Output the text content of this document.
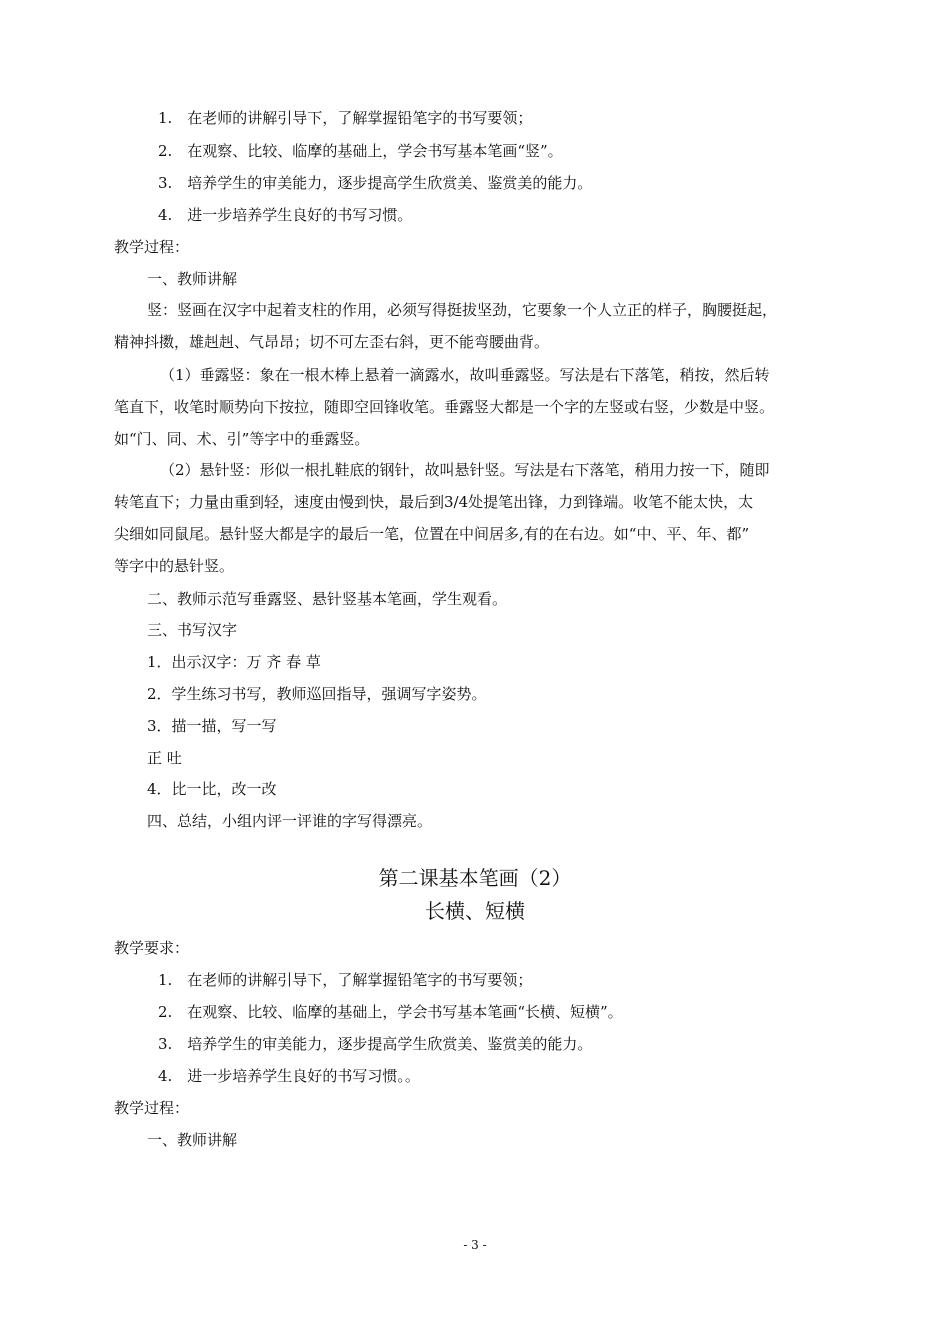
1.　在老师的讲解引导下，了解掌握铅笔字的书写要领；
2.　在观察、比较、临摩的基础上，学会书写基本笔画“竖”。
3.　培养学生的审美能力，逐步提高学生欣赏美、鉴赏美的能力。
4.　进一步培养学生良好的书写习惯。
教学过程：
一、教师讲解
竖：竖画在汉字中起着支柱的作用，必须写得挺拔坚劲，它要象一个人立正的样子，胸腰挺起，
精神抖擞，雄赳赳、气昂昂；切不可左歪右斜，更不能弯腰曲背。
（1）垂露竖：象在一根木棒上悬着一滴露水，故叫垂露竖。写法是右下落笔，稍按，然后转
笔直下，收笔时顺势向下按拉，随即空回锋收笔。垂露竖大都是一个字的左竖或右竖，少数是中竖。
如“门、同、术、引”等字中的垂露竖。
（2）悬针竖：形似一根扎鞋底的钢针，故叫悬针竖。写法是右下落笔，稍用力按一下，随即
转笔直下；力量由重到轻，速度由慢到快，最后到3/4处提笔出锋，力到锋端。收笔不能太快，太
尖细如同鼠尾。悬针竖大都是字的最后一笔，位置在中间居多,有的在右边。如“中、平、年、都”
等字中的悬针竖。
二、教师示范写垂露竖、悬针竖基本笔画，学生观看。
三、书写汉字
1．出示汉字：万 齐 春 草
2．学生练习书写，教师巡回指导，强调写字姿势。
3．描一描，写一写
正 吐
4．比一比，改一改
四、总结，小组内评一评谁的字写得漂亮。
第二课基本笔画（2）
长横、短横
教学要求：
1.　在老师的讲解引导下，了解掌握铅笔字的书写要领；
2.　在观察、比较、临摩的基础上，学会书写基本笔画“长横、短横”。
3.　培养学生的审美能力，逐步提高学生欣赏美、鉴赏美的能力。
4.　进一步培养学生良好的书写习惯。。
教学过程：
一、教师讲解
- 3 -
